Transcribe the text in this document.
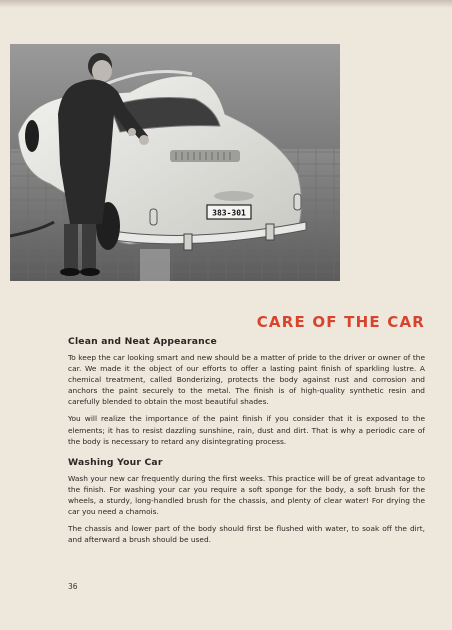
383-301
CARE OF THE CAR
Clean and Neat Appearance

To keep the car looking smart and new should be a matter of pride to the driver or owner of the car. We made it the object of our efforts to offer a lasting paint finish of sparkling lustre. A chemical treatment, called Bonderizing, protects the body against rust and corrosion and anchors the paint securely to the metal. The finish is of high-quality synthetic resin and carefully blended to obtain the most beautiful shades.

You will realize the importance of the paint finish if you consider that it is exposed to the elements; it has to resist dazzling sunshine, rain, dust and dirt. That is why a periodic care of the body is necessary to retard any disintegrating process.

Washing Your Car

Wash your new car frequently during the first weeks. This practice will be of great advantage to the finish. For washing your car you require a soft sponge for the body, a soft brush for the wheels, a sturdy, long-handled brush for the chassis, and plenty of clear water! For drying the car you need a chamois.

The chassis and lower part of the body should first be flushed with water, to soak off the dirt, and afterward a brush should be used.

36
